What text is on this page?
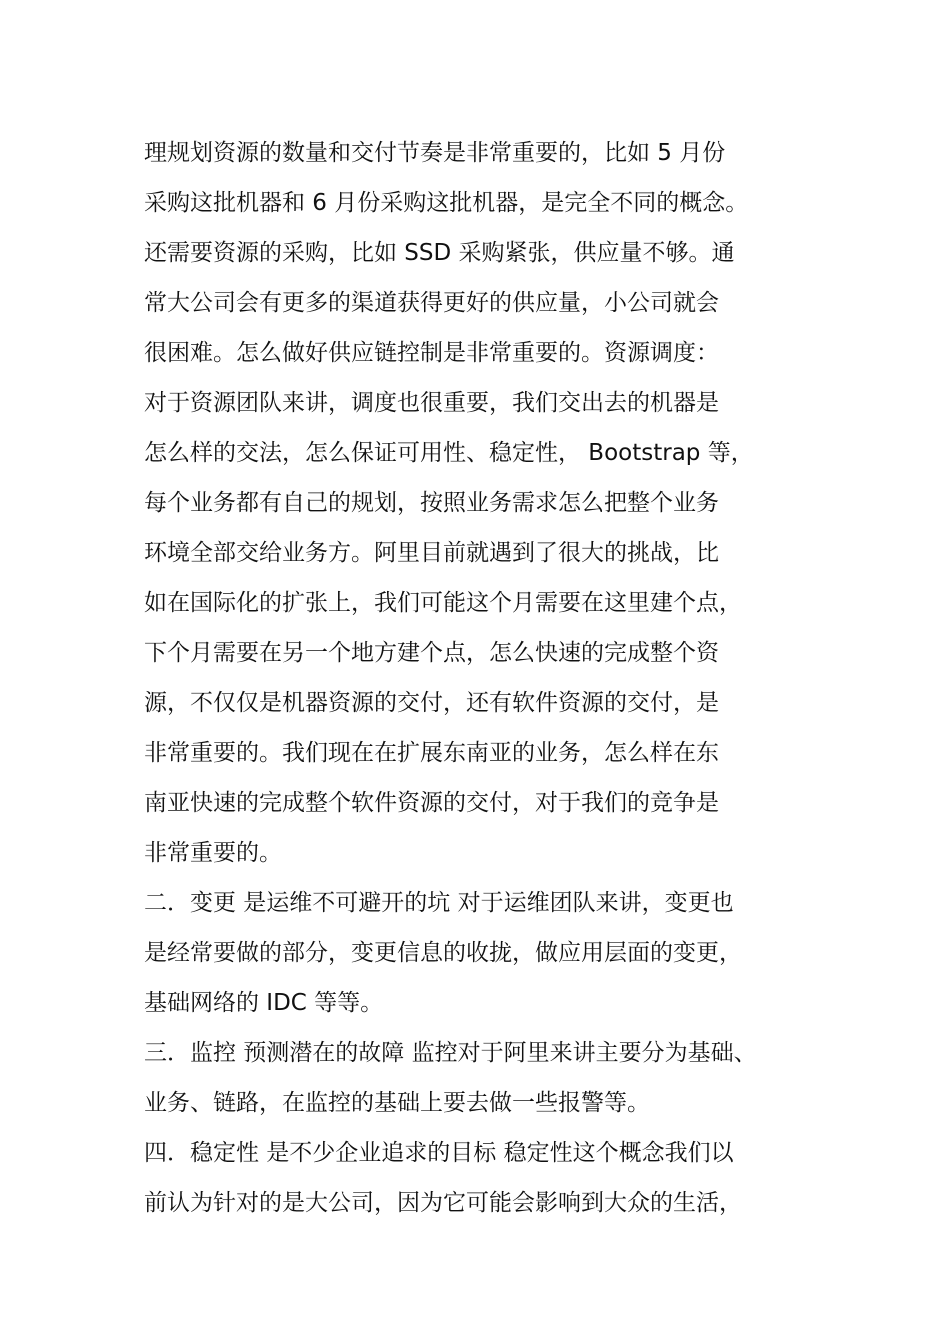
理规划资源的数量和交付节奏是非常重要的，比如 5 月份
采购这批机器和 6 月份采购这批机器，是完全不同的概念。
还需要资源的采购，比如 SSD 采购紧张，供应量不够。通
常大公司会有更多的渠道获得更好的供应量，小公司就会
很困难。怎么做好供应链控制是非常重要的。资源调度：
对于资源团队来讲，调度也很重要，我们交出去的机器是
怎么样的交法，怎么保证可用性、稳定性， Bootstrap 等，
每个业务都有自己的规划，按照业务需求怎么把整个业务
环境全部交给业务方。阿里目前就遇到了很大的挑战，比
如在国际化的扩张上，我们可能这个月需要在这里建个点，
下个月需要在另一个地方建个点，怎么快速的完成整个资
源，不仅仅是机器资源的交付，还有软件资源的交付，是
非常重要的。我们现在在扩展东南亚的业务，怎么样在东
南亚快速的完成整个软件资源的交付，对于我们的竞争是
非常重要的。
二．变更 是运维不可避开的坑 对于运维团队来讲，变更也
是经常要做的部分，变更信息的收拢，做应用层面的变更，
基础网络的 IDC 等等。
三．监控 预测潜在的故障 监控对于阿里来讲主要分为基础、
业务、链路，在监控的基础上要去做一些报警等。
四．稳定性 是不少企业追求的目标 稳定性这个概念我们以
前认为针对的是大公司，因为它可能会影响到大众的生活，
